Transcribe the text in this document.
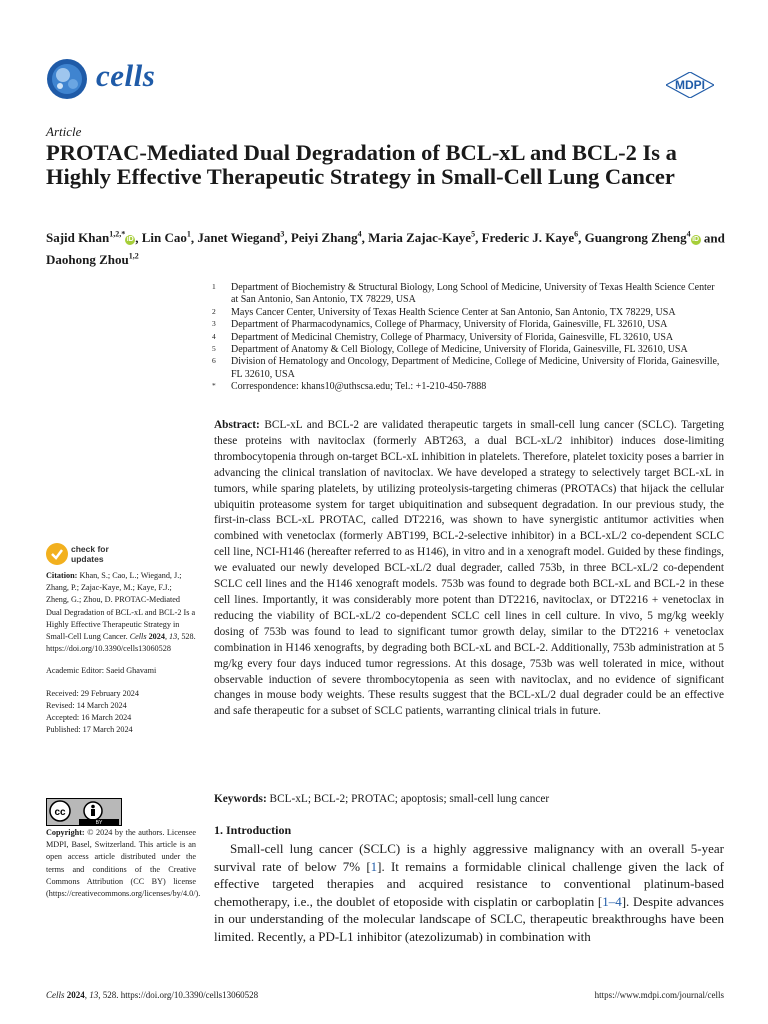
cells	MDPI
Article
PROTAC-Mediated Dual Degradation of BCL-xL and BCL-2 Is a Highly Effective Therapeutic Strategy in Small-Cell Lung Cancer
Sajid Khan$^{1,2,*}$iD , Lin Cao$^1$, Janet Wiegand$^3$, Peiyi Zhang$^4$, Maria Zajac-Kaye$^5$, Frederic J. Kaye$^6$, Guangrong Zheng$^4$iD and Daohong Zhou$^{1,2}$
1	Department of Biochemistry & Structural Biology, Long School of Medicine, University of Texas Health Science Center at San Antonio, San Antonio, TX 78229, USA
2	Mays Cancer Center, University of Texas Health Science Center at San Antonio, San Antonio, TX 78229, USA
3	Department of Pharmacodynamics, College of Pharmacy, University of Florida, Gainesville, FL 32610, USA
4	Department of Medicinal Chemistry, College of Pharmacy, University of Florida, Gainesville, FL 32610, USA
5	Department of Anatomy & Cell Biology, College of Medicine, University of Florida, Gainesville, FL 32610, USA
6	Division of Hematology and Oncology, Department of Medicine, College of Medicine, University of Florida, Gainesville, FL 32610, USA
*	Correspondence: khans10@uthscsa.edu; Tel.: +1-210-450-7888
Abstract: BCL-xL and BCL-2 are validated therapeutic targets in small-cell lung cancer (SCLC). Targeting these proteins with navitoclax (formerly ABT263, a dual BCL-xL/2 inhibitor) induces dose-limiting thrombocytopenia through on-target BCL-xL inhibition in platelets. Therefore, platelet toxicity poses a barrier in advancing the clinical translation of navitoclax. We have developed a strategy to selectively target BCL-xL in tumors, while sparing platelets, by utilizing proteolysis-targeting chimeras (PROTACs) that hijack the cellular ubiquitin proteasome system for target ubiquitination and subsequent degradation. In our previous study, the first-in-class BCL-xL PROTAC, called DT2216, was shown to have synergistic antitumor activities when combined with venetoclax (formerly ABT199, BCL-2-selective inhibitor) in a BCL-xL/2 co-dependent SCLC cell line, NCI-H146 (hereafter referred to as H146), in vitro and in a xenograft model. Guided by these findings, we evaluated our newly developed BCL-xL/2 dual degrader, called 753b, in three BCL-xL/2 co-dependent SCLC cell lines and the H146 xenograft models. 753b was found to degrade both BCL-xL and BCL-2 in these cell lines. Importantly, it was considerably more potent than DT2216, navitoclax, or DT2216 + venetoclax in reducing the viability of BCL-xL/2 co-dependent SCLC cell lines in cell culture. In vivo, 5 mg/kg weekly dosing of 753b was found to lead to significant tumor growth delay, similar to the DT2216 + venetoclax combination in H146 xenografts, by degrading both BCL-xL and BCL-2. Additionally, 753b administration at 5 mg/kg every four days induced tumor regressions. At this dosage, 753b was well tolerated in mice, without observable induction of severe thrombocytopenia as seen with navitoclax, and no evidence of significant changes in mouse body weights. These results suggest that the BCL-xL/2 dual degrader could be an effective and safe therapeutic for a subset of SCLC patients, warranting clinical trials in future.
Keywords: BCL-xL; BCL-2; PROTAC; apoptosis; small-cell lung cancer
check for
updates

Citation: Khan, S.; Cao, L.; Wiegand, J.; Zhang, P.; Zajac-Kaye, M.; Kaye, F.J.; Zheng, G.; Zhou, D. PROTAC-Mediated Dual Degradation of BCL-xL and BCL-2 Is a Highly Effective Therapeutic Strategy in Small-Cell Lung Cancer. Cells 2024, 13, 528. https://doi.org/10.3390/cells13060528

Academic Editor: Saeid Ghavami

Received: 29 February 2024

Revised: 14 March 2024

Accepted: 16 March 2024

Published: 17 March 2024

cc
BY
Copyright: © 2024 by the authors. Licensee MDPI, Basel, Switzerland. This article is an open access article distributed under the terms and conditions of the Creative Commons Attribution (CC BY) license (https://creativecommons.org/licenses/by/4.0/).
1. Introduction
Small-cell lung cancer (SCLC) is a highly aggressive malignancy with an overall 5-year survival rate of below 7% [1]. It remains a formidable clinical challenge given the lack of effective targeted therapies and acquired resistance to conventional platinum-based chemotherapy, i.e., the doublet of etoposide with cisplatin or carboplatin [1–4]. Despite advances in our understanding of the molecular landscape of SCLC, therapeutic breakthroughs have been limited. Recently, a PD-L1 inhibitor (atezolizumab) in combination with
Cells 2024, 13, 528. https://doi.org/10.3390/cells13060528	https://www.mdpi.com/journal/cells
